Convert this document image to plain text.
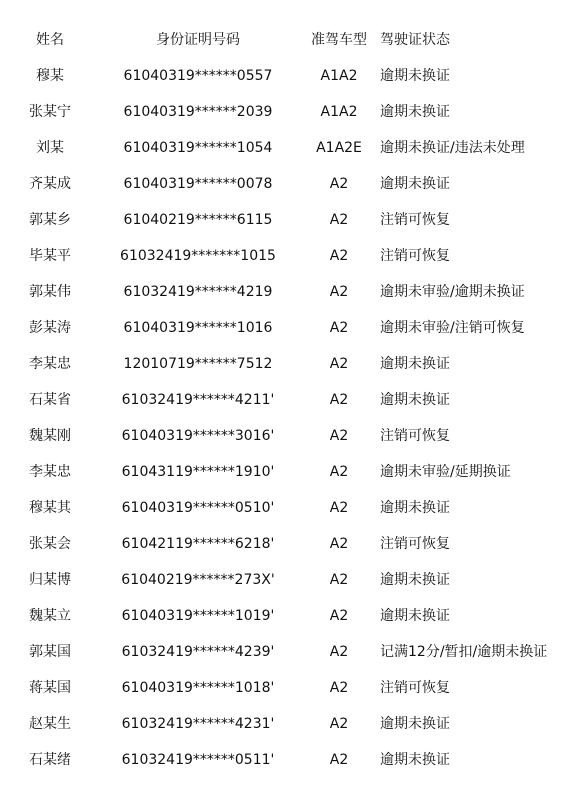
姓名	身份证明号码	准驾车型 驾驶证状态
穆某	61040319******0557	A1A2	逾期未换证
张某宁	61040319******2039	A1A2	逾期未换证
刘某	61040319******1054	A1A2E	逾期未换证/违法未处理
齐某成	61040319******0078	A2	逾期未换证
郭某乡	61040219******6115	A2	注销可恢复
毕某平	61032419*******1015	A2	注销可恢复
郭某伟	61032419******4219	A2	逾期未审验/逾期未换证
彭某涛	61040319******1016	A2	逾期未审验/注销可恢复
李某忠	12010719******7512	A2	逾期未换证
石某省	61032419******4211'	A2	逾期未换证
魏某刚	61040319******3016'	A2	注销可恢复
李某忠	61043119******1910'	A2	逾期未审验/延期换证
穆某其	61040319******0510'	A2	逾期未换证
张某会	61042119******6218'	A2	注销可恢复
归某博	61040219******273X'	A2	逾期未换证
魏某立	61040319******1019'	A2	逾期未换证
郭某国	61032419******4239'	A2	记满12分/暂扣/逾期未换证
蒋某国	61040319******1018'	A2	注销可恢复
赵某生	61032419******4231'	A2	逾期未换证
石某绪	61032419******0511'	A2	逾期未换证
